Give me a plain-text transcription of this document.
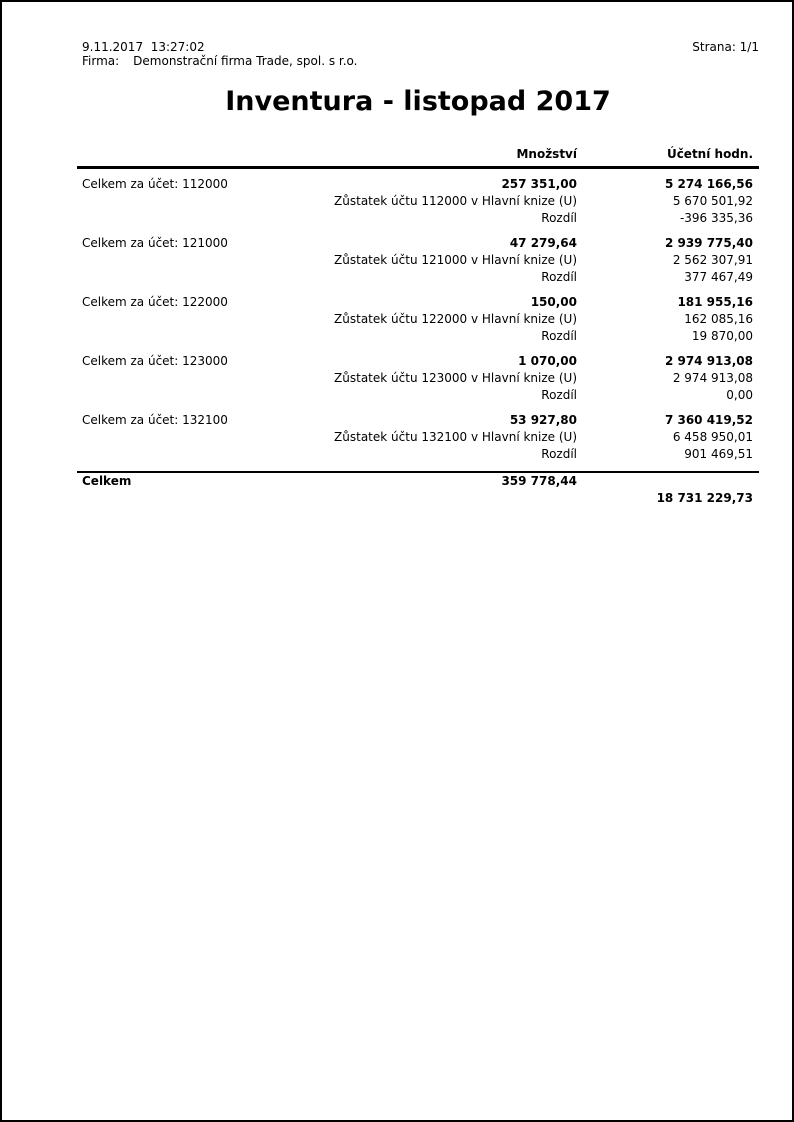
9.11.2017  13:27:02	Strana: 1/1
Firma: Demonstrační firma Trade, spol. s r.o.
Inventura - listopad 2017
Množství	Účetní hodn.
Celkem za účet: 112000	257 351,00	5 274 166,56
Zůstatek účtu 112000 v Hlavní knize (U)	5 670 501,92
Rozdíl	-396 335,36
Celkem za účet: 121000	47 279,64	2 939 775,40
Zůstatek účtu 121000 v Hlavní knize (U)	2 562 307,91
Rozdíl	377 467,49
Celkem za účet: 122000	150,00	181 955,16
Zůstatek účtu 122000 v Hlavní knize (U)	162 085,16
Rozdíl	19 870,00
Celkem za účet: 123000	1 070,00	2 974 913,08
Zůstatek účtu 123000 v Hlavní knize (U)	2 974 913,08
Rozdíl	0,00
Celkem za účet: 132100	53 927,80	7 360 419,52
Zůstatek účtu 132100 v Hlavní knize (U)	6 458 950,01
Rozdíl	901 469,51
Celkem	359 778,44
18 731 229,73
